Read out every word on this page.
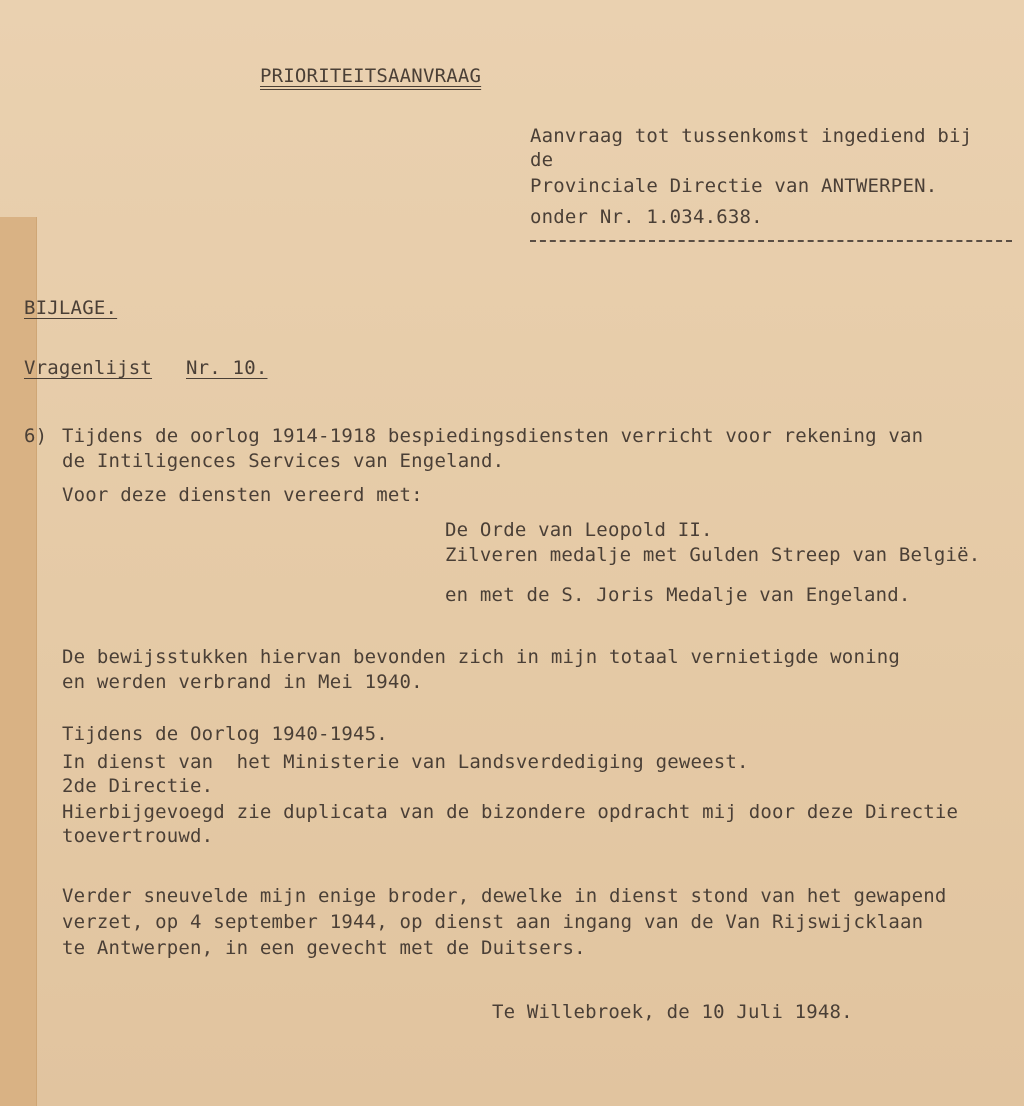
PRIORITEITSAANVRAAG
Aanvraag tot tussenkomst ingediend bij
de
Provinciale Directie van ANTWERPEN.
onder Nr. 1.034.638.
BIJLAGE.
Vragenlijst Nr. 10.
6) Tijdens de oorlog 1914-1918 bespiedingsdiensten verricht voor rekening van
de Intiligences Services van Engeland.
Voor deze diensten vereerd met:
De Orde van Leopold II.
Zilveren medalje met Gulden Streep van België.
en met de S. Joris Medalje van Engeland.
De bewijsstukken hiervan bevonden zich in mijn totaal vernietigde woning
en werden verbrand in Mei 1940.
Tijdens de Oorlog 1940-1945.
In dienst van  het Ministerie van Landsverdediging geweest.
2de Directie.
Hierbijgevoegd zie duplicata van de bizondere opdracht mij door deze Directie
toevertrouwd.
Verder sneuvelde mijn enige broder, dewelke in dienst stond van het gewapend
verzet, op 4 september 1944, op dienst aan ingang van de Van Rijswijcklaan
te Antwerpen, in een gevecht met de Duitsers.
Te Willebroek, de 10 Juli 1948.
